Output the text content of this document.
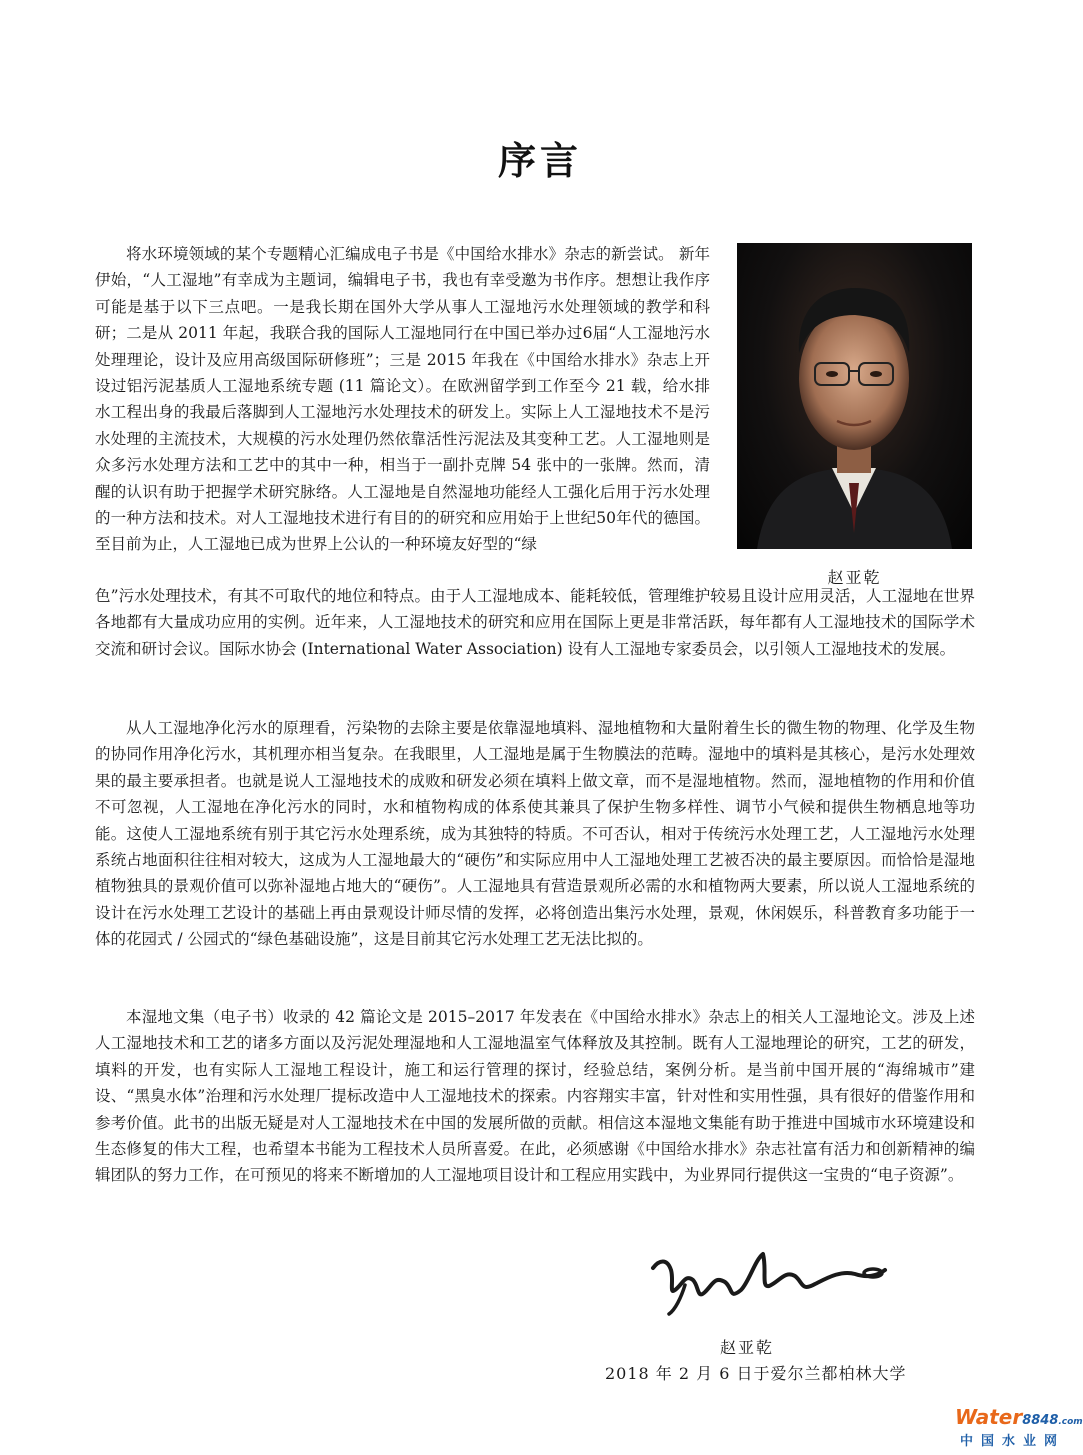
序言

将水环境领域的某个专题精心汇编成电子书是《中国给水排水》杂志的新尝试。 新年伊始，“人工湿地”有幸成为主题词，编辑电子书，我也有幸受邀为书作序。想想让我作序可能是基于以下三点吧。一是我长期在国外大学从事人工湿地污水处理领域的教学和科研；二是从 2011 年起，我联合我的国际人工湿地同行在中国已举办过6届“人工湿地污水处理理论，设计及应用高级国际研修班”；三是 2015 年我在《中国给水排水》杂志上开设过铝污泥基质人工湿地系统专题 (11 篇论文）。在欧洲留学到工作至今 21 载，给水排水工程出身的我最后落脚到人工湿地污水处理技术的研发上。实际上人工湿地技术不是污水处理的主流技术，大规模的污水处理仍然依靠活性污泥法及其变种工艺。人工湿地则是众多污水处理方法和工艺中的其中一种，相当于一副扑克牌 54 张中的一张牌。然而，清醒的认识有助于把握学术研究脉络。人工湿地是自然湿地功能经人工强化后用于污水处理的一种方法和技术。对人工湿地技术进行有目的的研究和应用始于上世纪50年代的德国。至目前为止，人工湿地已成为世界上公认的一种环境友好型的“绿

赵亚乾

色”污水处理技术，有其不可取代的地位和特点。由于人工湿地成本、能耗较低，管理维护较易且设计应用灵活，人工湿地在世界各地都有大量成功应用的实例。近年来，人工湿地技术的研究和应用在国际上更是非常活跃，每年都有人工湿地技术的国际学术交流和研讨会议。国际水协会 (International Water Association) 设有人工湿地专家委员会，以引领人工湿地技术的发展。

从人工湿地净化污水的原理看，污染物的去除主要是依靠湿地填料、湿地植物和大量附着生长的微生物的物理、化学及生物的协同作用净化污水，其机理亦相当复杂。在我眼里，人工湿地是属于生物膜法的范畴。湿地中的填料是其核心，是污水处理效果的最主要承担者。也就是说人工湿地技术的成败和研发必须在填料上做文章，而不是湿地植物。然而，湿地植物的作用和价值不可忽视，人工湿地在净化污水的同时，水和植物构成的体系使其兼具了保护生物多样性、调节小气候和提供生物栖息地等功能。这使人工湿地系统有别于其它污水处理系统，成为其独特的特质。不可否认，相对于传统污水处理工艺，人工湿地污水处理系统占地面积往往相对较大，这成为人工湿地最大的“硬伤”和实际应用中人工湿地处理工艺被否决的最主要原因。而恰恰是湿地植物独具的景观价值可以弥补湿地占地大的“硬伤”。人工湿地具有营造景观所必需的水和植物两大要素，所以说人工湿地系统的设计在污水处理工艺设计的基础上再由景观设计师尽情的发挥，必将创造出集污水处理，景观，休闲娱乐，科普教育多功能于一体的花园式 / 公园式的“绿色基础设施”，这是目前其它污水处理工艺无法比拟的。

本湿地文集（电子书）收录的 42 篇论文是 2015–2017 年发表在《中国给水排水》杂志上的相关人工湿地论文。涉及上述人工湿地技术和工艺的诸多方面以及污泥处理湿地和人工湿地温室气体释放及其控制。既有人工湿地理论的研究，工艺的研发，填料的开发，也有实际人工湿地工程设计，施工和运行管理的探讨，经验总结，案例分析。是当前中国开展的“海绵城市”建设、“黑臭水体”治理和污水处理厂提标改造中人工湿地技术的探索。内容翔实丰富，针对性和实用性强，具有很好的借鉴作用和参考价值。此书的出版无疑是对人工湿地技术在中国的发展所做的贡献。相信这本湿地文集能有助于推进中国城市水环境建设和生态修复的伟大工程，也希望本书能为工程技术人员所喜爱。在此，必须感谢《中国给水排水》杂志社富有活力和创新精神的编辑团队的努力工作，在可预见的将来不断增加的人工湿地项目设计和工程应用实践中，为业界同行提供这一宝贵的“电子资源”。

赵亚乾
2018 年 2 月 6 日于爱尔兰都柏林大学
Water8848.com
中国水业网
